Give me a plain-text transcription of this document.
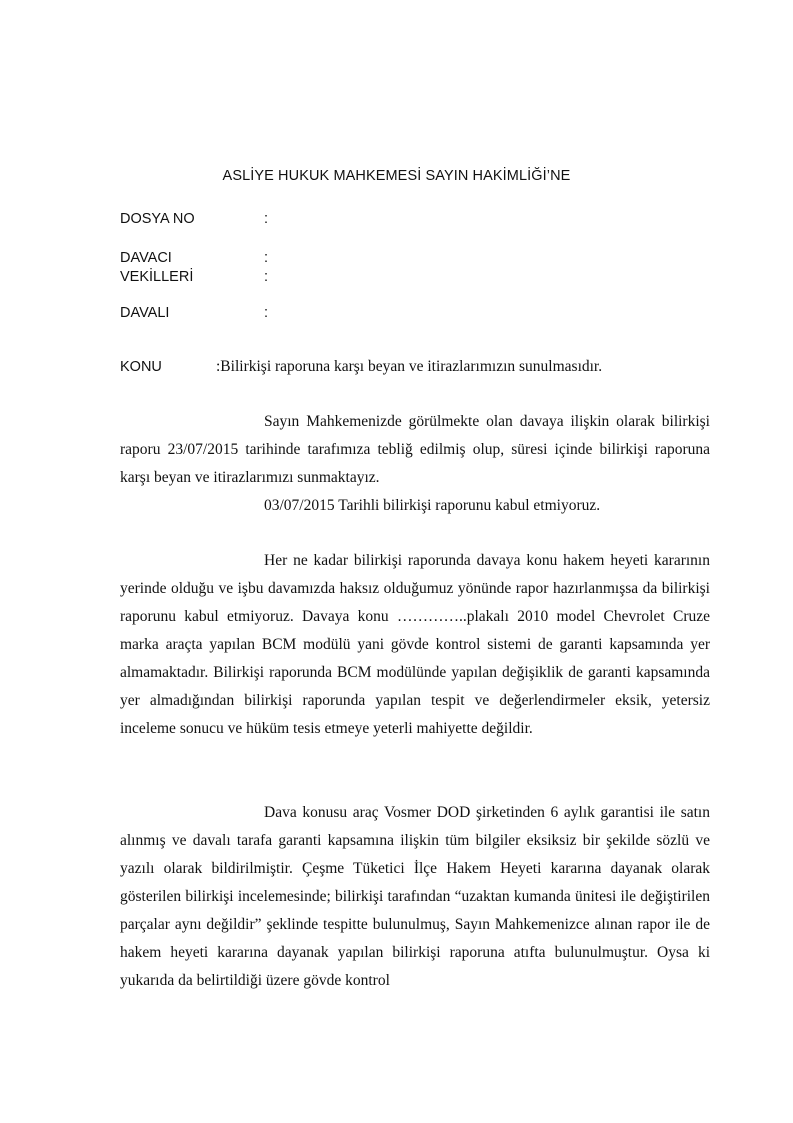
ASLİYE HUKUK MAHKEMESİ SAYIN HAKİMLİĞİ’NE
DOSYA NO	:
DAVACI	:
VEKİLLERİ	:
DAVALI	:
KONU	:Bilirkişi raporuna karşı beyan ve itirazlarımızın sunulmasıdır.
Sayın Mahkemenizde görülmekte olan davaya ilişkin olarak bilirkişi raporu 23/07/2015 tarihinde tarafımıza tebliğ edilmiş olup, süresi içinde bilirkişi raporuna karşı beyan ve itirazlarımızı sunmaktayız.
03/07/2015 Tarihli bilirkişi raporunu kabul etmiyoruz.
Her ne kadar bilirkişi raporunda davaya konu hakem heyeti kararının yerinde olduğu ve işbu davamızda haksız olduğumuz yönünde rapor hazırlanmışsa da bilirkişi raporunu kabul etmiyoruz. Davaya konu …………..plakalı 2010 model Chevrolet Cruze marka araçta yapılan BCM modülü yani gövde kontrol sistemi de garanti kapsamında yer almamaktadır. Bilirkişi raporunda BCM modülünde yapılan değişiklik de garanti kapsamında yer almadığından bilirkişi raporunda yapılan tespit ve değerlendirmeler eksik, yetersiz inceleme sonucu ve hüküm tesis etmeye yeterli mahiyette değildir.
Dava konusu araç Vosmer DOD şirketinden 6 aylık garantisi ile satın alınmış ve davalı tarafa garanti kapsamına ilişkin tüm bilgiler eksiksiz bir şekilde sözlü ve yazılı olarak bildirilmiştir. Çeşme Tüketici İlçe Hakem Heyeti kararına dayanak olarak gösterilen bilirkişi incelemesinde; bilirkişi tarafından “uzaktan kumanda ünitesi ile değiştirilen parçalar aynı değildir” şeklinde tespitte bulunulmuş, Sayın Mahkemenizce alınan rapor ile de hakem heyeti kararına dayanak yapılan bilirkişi raporuna atıfta bulunulmuştur. Oysa ki yukarıda da belirtildiği üzere gövde kontrol
